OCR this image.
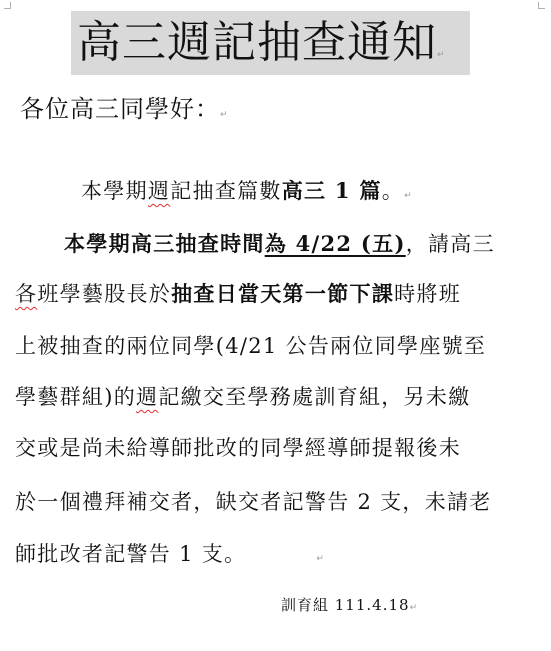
高三週記抽查通知↵
各位高三同學好：↵
本學期週記抽查篇數高三 1 篇。↵
本學期高三抽查時間為 4/22 (五)，請高三
各班學藝股長於抽查日當天第一節下課時將班
上被抽查的兩位同學(4/21 公告兩位同學座號至
學藝群組)的週記繳交至學務處訓育組，另未繳
交或是尚未給導師批改的同學經導師提報後未
於一個禮拜補交者，缺交者記警告 2 支，未請老
師批改者記警告 1 支。	↵
訓育組 111.4.18↵
